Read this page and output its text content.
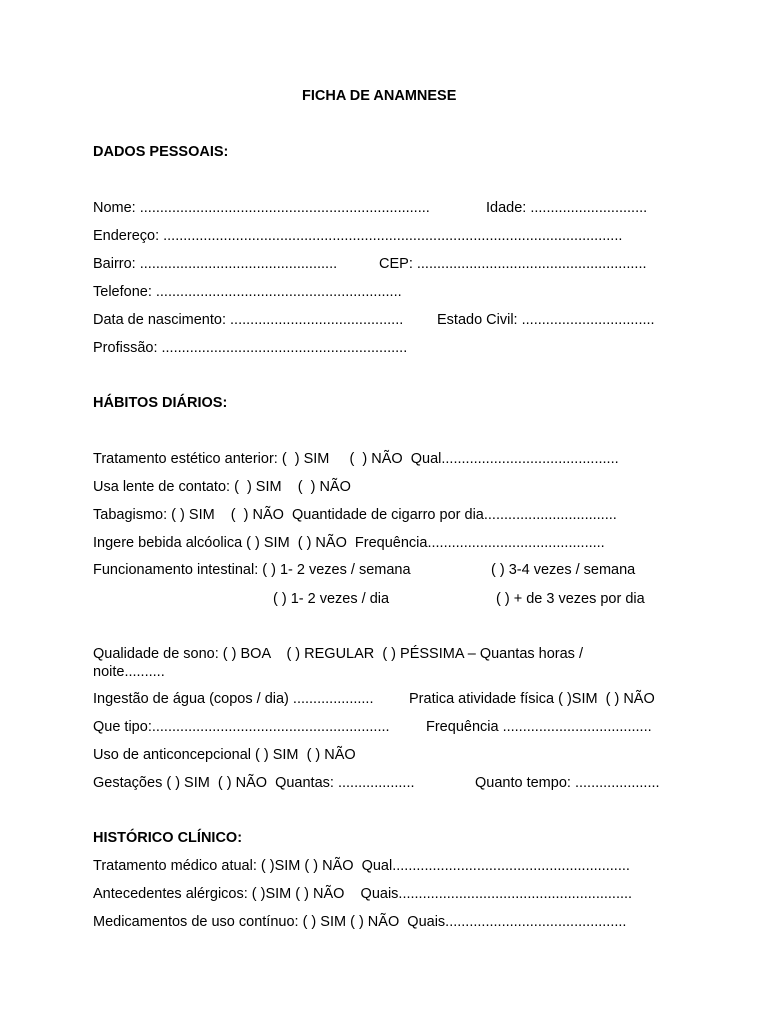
FICHA DE ANAMNESE
DADOS PESSOAIS:
Nome: ........................................................................	Idade: .............................
Endereço: ..................................................................................................................
Bairro: .................................................	CEP: .........................................................
Telefone: .............................................................
Data de nascimento: ........................................... Estado Civil: .................................
Profissão: .............................................................
HÁBITOS DIÁRIOS:
Tratamento estético anterior: (  ) SIM     (  ) NÃO  Qual............................................
Usa lente de contato: (  ) SIM    (  ) NÃO
Tabagismo: ( ) SIM    (  ) NÃO  Quantidade de cigarro por dia.................................
Ingere bebida alcóolica ( ) SIM  ( ) NÃO  Frequência............................................
Funcionamento intestinal: ( ) 1- 2 vezes / semana	( ) 3-4 vezes / semana
( ) 1- 2 vezes / dia	( ) + de 3 vezes por dia
Qualidade de sono: ( ) BOA    ( ) REGULAR  ( ) PÉSSIMA – Quantas horas /
noite..........
Ingestão de água (copos / dia) .................... Pratica atividade física ( )SIM  ( ) NÃO
Que tipo:...........................................................	Frequência .....................................
Uso de anticoncepcional ( ) SIM  ( ) NÃO
Gestações ( ) SIM  ( ) NÃO  Quantas: ...................	Quanto tempo: .....................
HISTÓRICO CLÍNICO:
Tratamento médico atual: ( )SIM ( ) NÃO  Qual...........................................................
Antecedentes alérgicos: ( )SIM ( ) NÃO    Quais..........................................................
Medicamentos de uso contínuo: ( ) SIM ( ) NÃO  Quais.............................................
